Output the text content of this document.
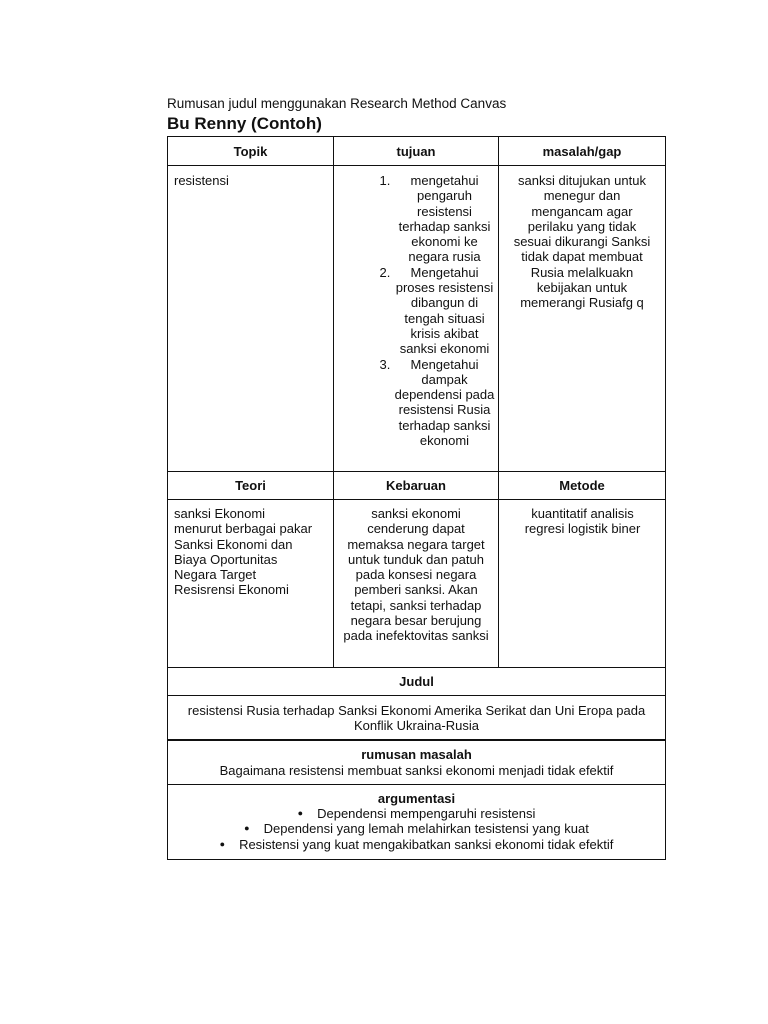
Rumusan judul menggunakan Research Method Canvas
Bu Renny (Contoh)
Topik	tujuan	masalah/gap
resistensi
1.	mengetahui pengaruh resistensi terhadap sanksi ekonomi ke negara rusia
2. Mengetahui proses resistensi dibangun di tengah situasi krisis akibat sanksi ekonomi
3. Mengetahui dampak dependensi pada resistensi Rusia terhadap sanksi ekonomi
sanksi ditujukan untuk menegur dan mengancam agar perilaku yang tidak sesuai dikurangi Sanksi tidak dapat membuat Rusia melalkuakn kebijakan untuk memerangi Rusiafg q
Teori	Kebaruan	Metode
sanksi Ekonomi
menurut berbagai pakar
Sanksi Ekonomi dan
Biaya Oportunitas
Negara Target
Resisrensi Ekonomi
sanksi ekonomi cenderung dapat memaksa negara target untuk tunduk dan patuh pada konsesi negara pemberi sanksi. Akan tetapi, sanksi terhadap negara besar berujung pada inefektovitas sanksi
kuantitatif analisis regresi logistik biner
Judul
resistensi Rusia terhadap Sanksi Ekonomi Amerika Serikat dan Uni Eropa pada Konflik Ukraina-Rusia
rumusan masalah
Bagaimana resistensi membuat sanksi ekonomi menjadi tidak efektif
argumentasi
● Dependensi mempengaruhi resistensi
● Dependensi yang lemah melahirkan tesistensi yang kuat
● Resistensi yang kuat mengakibatkan sanksi ekonomi tidak efektif
